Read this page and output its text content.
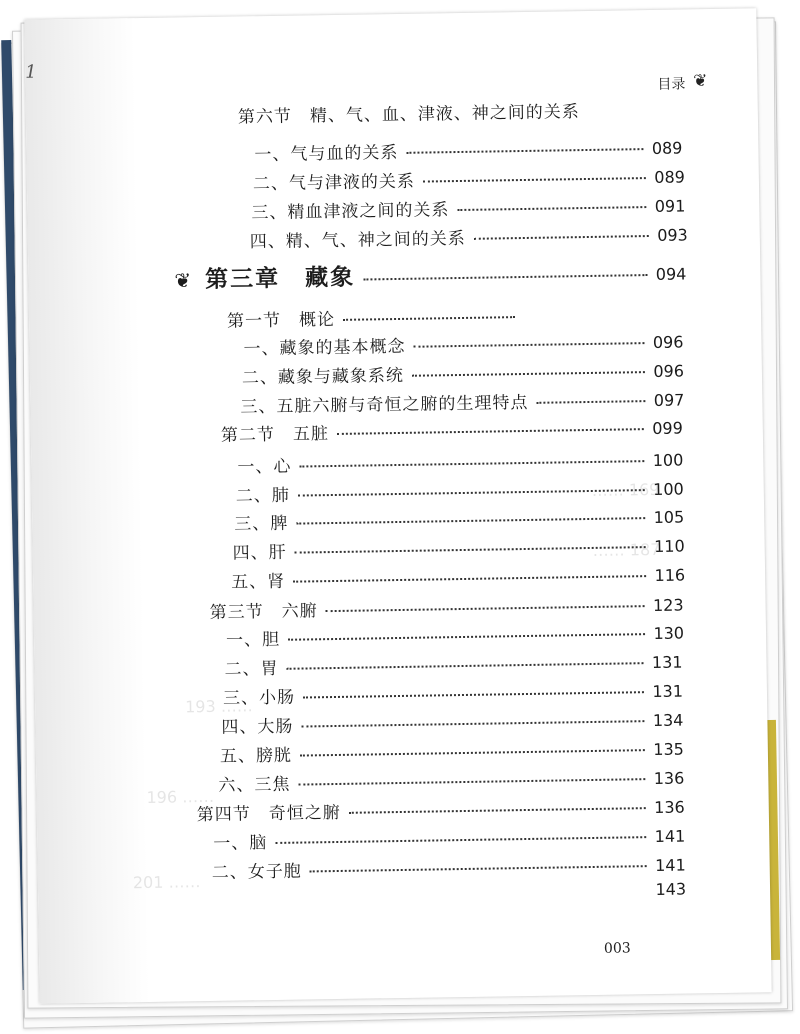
…… 169
…… 187
193 ……
196 ……
201 ……
1
目录 ❦
第六节　精、气、血、津液、神之间的关系
一、气与血的关系	089
二、气与津液的关系	089
三、精血津液之间的关系	091
四、精、气、神之间的关系	093
❦ 第三章　藏象	094
第一节　概论
一、藏象的基本概念	096
二、藏象与藏象系统	096
三、五脏六腑与奇恒之腑的生理特点	097
第二节　五脏	099
一、心	100
二、肺	100
三、脾	105
四、肝	110
五、肾	116
第三节　六腑	123
一、胆	130
二、胃	131
三、小肠	131
四、大肠	134
五、膀胱	135
六、三焦	136
第四节　奇恒之腑	136
一、脑	141
二、女子胞	141
143
003
